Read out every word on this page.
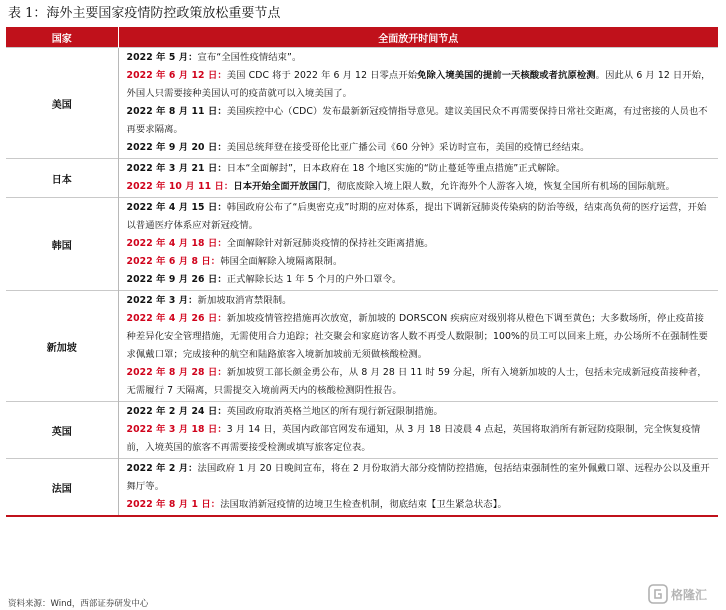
表 1：海外主要国家疫情防控政策放松重要节点
国家	全面放开时间节点
美国	2022 年 5 月：宣布“全国性疫情结束”。
2022 年 6 月 12 日：美国 CDC 将于 2022 年 6 月 12 日零点开始免除入境美国的提前一天核酸或者抗原检测。因此从 6 月 12 日开始，外国人只需要接种美国认可的疫苗就可以入境美国了。
2022 年 8 月 11 日：美国疾控中心（CDC）发布最新新冠疫情指导意见。建议美国民众不再需要保持日常社交距离，有过密接的人员也不再要求隔离。
2022 年 9 月 20 日：美国总统拜登在接受哥伦比亚广播公司《60 分钟》采访时宣布，美国的疫情已经结束。

日本	2022 年 3 月 21 日：日本“全面解封”，日本政府在 18 个地区实施的“防止蔓延等重点措施”正式解除。
2022 年 10 月 11 日：日本开始全面开放国门，彻底废除入境上限人数，允许海外个人游客入境，恢复全国所有机场的国际航班。

韩国	2022 年 4 月 15 日：韩国政府公布了“后奥密克戎”时期的应对体系，提出下调新冠肺炎传染病的防治等级，结束高负荷的医疗运营，开始以普通医疗体系应对新冠疫情。
2022 年 4 月 18 日：全面解除针对新冠肺炎疫情的保持社交距离措施。
2022 年 6 月 8 日：韩国全面解除入境隔离限制。
2022 年 9 月 26 日：正式解除长达 1 年 5 个月的户外口罩令。

新加坡	2022 年 3 月：新加坡取消宵禁限制。
2022 年 4 月 26 日：新加坡疫情管控措施再次放宽，新加坡的 DORSCON 疾病应对级别将从橙色下调至黄色；大多数场所，停止疫苗接种差异化安全管理措施，无需使用合力追踪；社交聚会和家庭访客人数不再受人数限制；100%的员工可以回来上班，办公场所不在强制性要求佩戴口罩；完成接种的航空和陆路旅客入境新加坡前无须做核酸检测。
2022 年 8 月 28 日：新加坡贸工部长颜金勇公布，从 8 月 28 日 11 时 59 分起，所有入境新加坡的人士，包括未完成新冠疫苗接种者，无需履行 7 天隔离，只需提交入境前两天内的核酸检测阴性报告。

英国	2022 年 2 月 24 日：英国政府取消英格兰地区的所有现行新冠限制措施。
2022 年 3 月 18 日：3 月 14 日，英国内政部官网发布通知，从 3 月 18 日凌晨 4 点起，英国将取消所有新冠防疫限制，完全恢复疫情前，入境英国的旅客不再需要接受检测或填写旅客定位表。

法国	2022 年 2 月：法国政府 1 月 20 日晚间宣布，将在 2 月份取消大部分疫情防控措施，包括结束强制性的室外佩戴口罩、远程办公以及重开舞厅等。
2022 年 8 月 1 日：法国取消新冠疫情的边境卫生检查机制，彻底结束【卫生紧急状态】。
资料来源：Wind，西部证券研发中心
格隆汇
